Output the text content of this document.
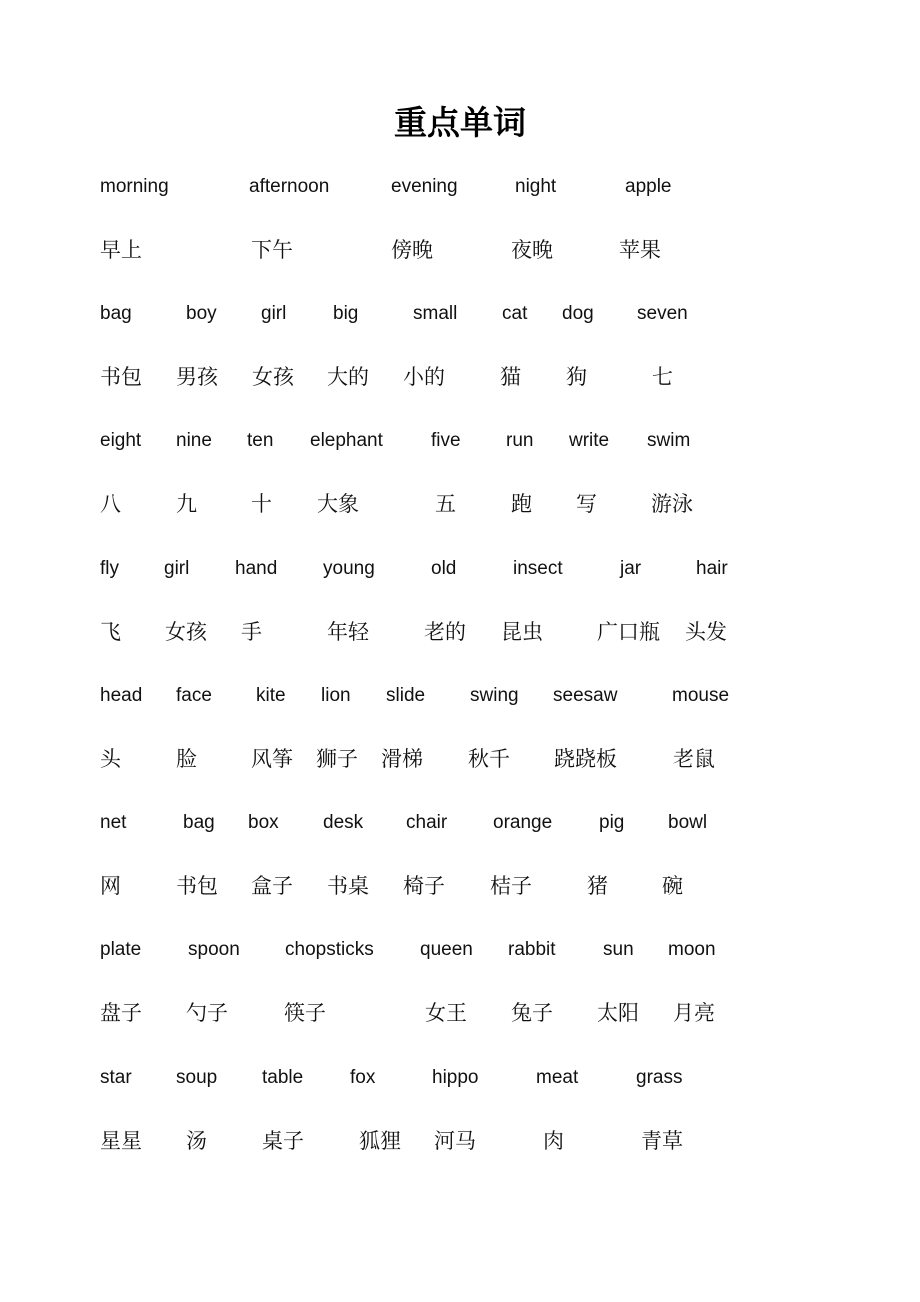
重点单词
morning	afternoon	evening	night	apple
早上	下午	傍晚	夜晚	苹果
bag	boy girl big	small cat dog seven
书包 男孩 女孩 大的 小的	猫 狗	七
eight nine ten elephant	five run write swim
八	九	十 大象	五	跑 写	游泳
fly girl hand young	old	insect	jar	hair
飞 女孩 手	年轻	老的 昆虫	广口瓶 头发
head face kite lion slide swing seesaw	mouse
头	脸	风筝 狮子 滑梯 秋千 跷跷板	老鼠
net	bag box desk chair orange pig bowl
网	书包 盒子 书桌 椅子 桔子	猪	碗
plate spoon chopsticks queen rabbit sun moon
盘子 勺子	筷子	女王 兔子 太阳 月亮
star soup table fox	hippo	meat	grass
星星 汤	桌子	狐狸 河马	肉	青草
